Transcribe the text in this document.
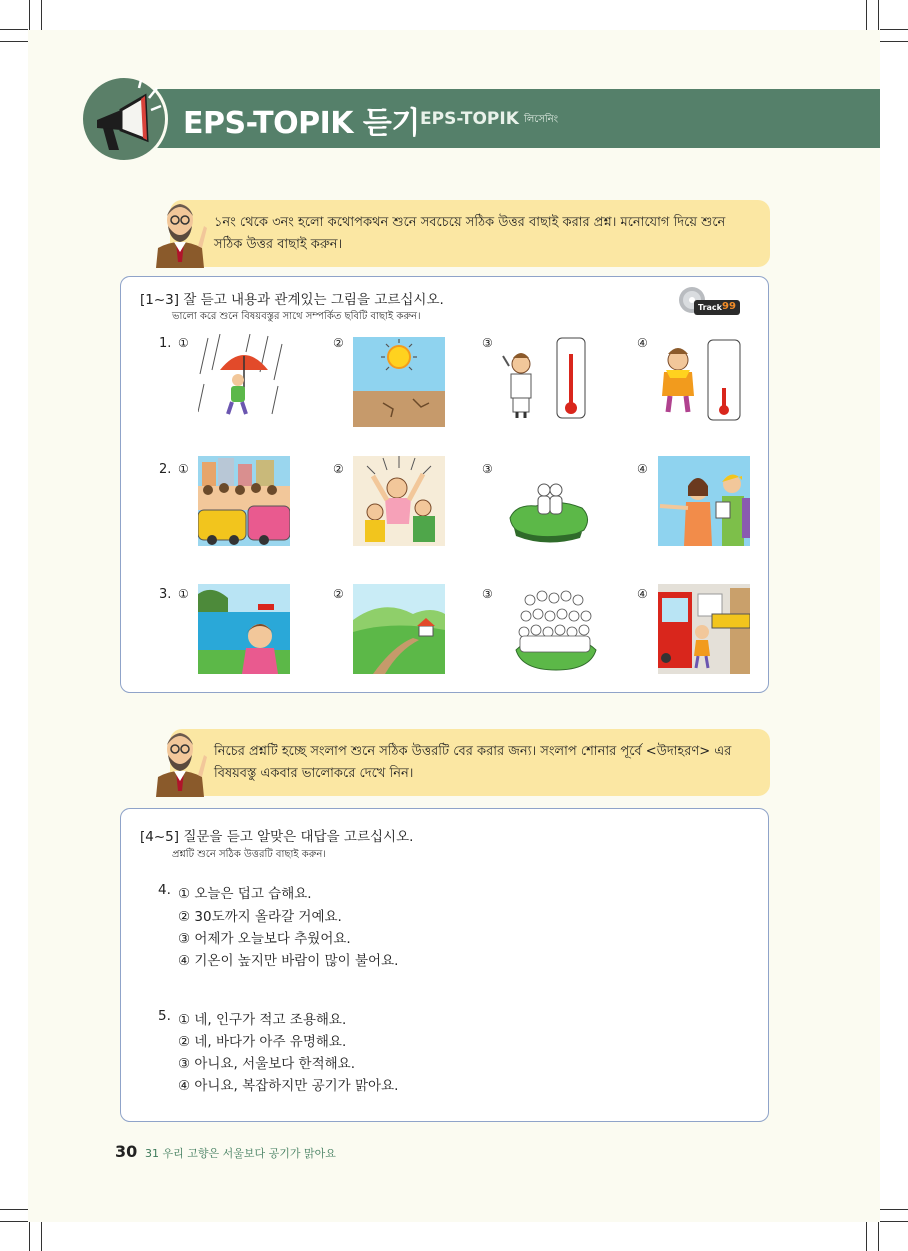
EPS-TOPIK 듣기 EPS-TOPIK লিসেনিং
১নং থেকে ৩নং হলো কথোপকথন শুনে সবচেয়ে সঠিক উত্তর বাছাই করার প্রশ্ন। মনোযোগ দিয়ে শুনে সঠিক উত্তর বাছাই করুন।
[1~3] 잘 듣고 내용과 관계있는 그림을 고르십시오.
ভালো করে শুনে বিষয়বস্তুর সাথে সম্পর্কিত ছবিটি বাছাই করুন।
Track 99
1. ①	②	③	④
2. ①	②	③	④
3. ①	②	③	④
নিচের প্রশ্নটি হচ্ছে সংলাপ শুনে সঠিক উত্তরটি বের করার জন্য। সংলাপ শোনার পূর্বে <উদাহরণ> এর বিষয়বস্তু একবার ভালোকরে দেখে নিন।
[4~5] 질문을 듣고 알맞은 대답을 고르십시오.
প্রশ্নটি শুনে সঠিক উত্তরটি বাছাই করুন।
4. ① 오늘은 덥고 습해요.
② 30도까지 올라갈 거예요.
③ 어제가 오늘보다 추웠어요.
④ 기온이 높지만 바람이 많이 불어요.
5. ① 네, 인구가 적고 조용해요.
② 네, 바다가 아주 유명해요.
③ 아니요, 서울보다 한적해요.
④ 아니요, 복잡하지만 공기가 맑아요.
30 31 우리 고향은 서울보다 공기가 맑아요
